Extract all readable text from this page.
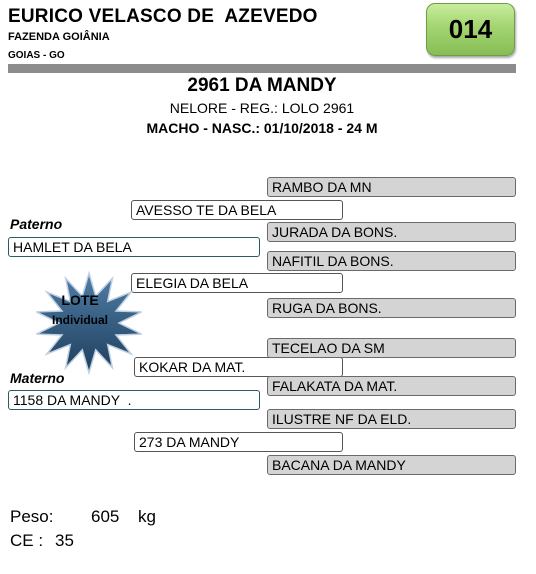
EURICO VELASCO DE  AZEVEDO
FAZENDA GOIÂNIA
GOIAS - GO
014
2961 DA MANDY
NELORE - REG.: LOLO 2961
MACHO - NASC.: 01/10/2018 - 24 M
Paterno
Materno
HAMLET DA BELA
1158 DA MANDY  .
AVESSO TE DA BELA
ELEGIA DA BELA
KOKAR DA MAT.
273 DA MANDY
RAMBO DA MN
JURADA DA BONS.
NAFITIL DA BONS.
RUGA DA BONS.
TECELAO DA SM
FALAKATA DA MAT.
ILUSTRE NF DA ELD.
BACANA DA MANDY
LOTE
Individual
Peso: 605 kg
CE : 35
